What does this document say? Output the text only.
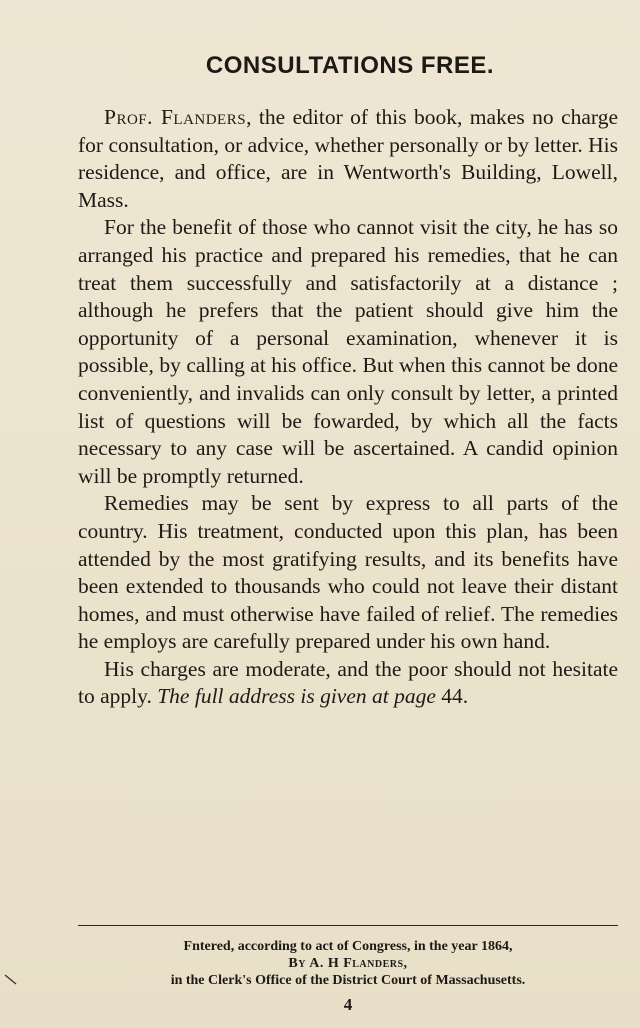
CONSULTATIONS FREE.

Prof. Flanders, the editor of this book, makes no charge for consultation, or advice, whether personally or by letter. His residence, and office, are in Wentworth's Building, Lowell, Mass.

For the benefit of those who cannot visit the city, he has so arranged his practice and prepared his remedies, that he can treat them successfully and satisfactorily at a distance ; although he prefers that the patient should give him the opportunity of a personal examination, whenever it is possible, by calling at his office. But when this cannot be done conveniently, and invalids can only consult by letter, a printed list of questions will be fowarded, by which all the facts necessary to any case will be ascertained. A candid opinion will be promptly returned.

Remedies may be sent by express to all parts of the country. His treatment, conducted upon this plan, has been attended by the most gratifying results, and its benefits have been extended to thousands who could not leave their distant homes, and must otherwise have failed of relief. The remedies he employs are carefully prepared under his own hand.

His charges are moderate, and the poor should not hesitate to apply. The full address is given at page 44.

Fntered, according to act of Congress, in the year 1864,
By A. H Flanders,
in the Clerk's Office of the District Court of Massachusetts.
4
